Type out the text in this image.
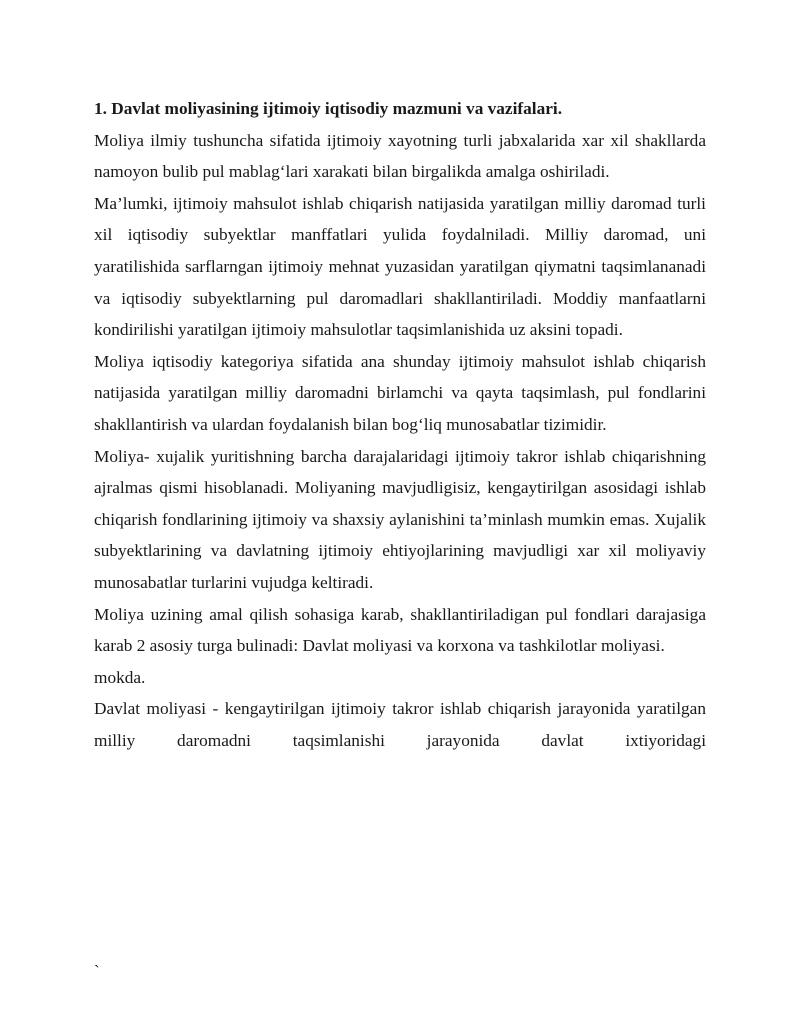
1. Davlat moliyasining ijtimoiy iqtisodiy mazmuni va vazifalari.

Moliya ilmiy tushuncha sifatida ijtimoiy xayotning turli jabxalarida xar xil shakllarda namoyon bulib pul mablag‘lari xarakati bilan birgalikda amalga oshiriladi.

Ma’lumki, ijtimoiy mahsulot ishlab chiqarish natijasida yaratilgan milliy daromad turli xil iqtisodiy subyektlar manffatlari yulida foydalniladi. Milliy daromad, uni yaratilishida sarflarngan ijtimoiy mehnat yuzasidan yaratilgan qiymatni taqsimlananadi va iqtisodiy subyektlarning pul daromadlari shakllantiriladi. Moddiy manfaatlarni kondirilishi yaratilgan ijtimoiy mahsulotlar taqsimlanishida uz aksini topadi.

Moliya iqtisodiy kategoriya sifatida ana shunday ijtimoiy mahsulot ishlab chiqarish natijasida yaratilgan milliy daromadni birlamchi va qayta taqsimlash, pul fondlarini shakllantirish va ulardan foydalanish bilan bog‘liq munosabatlar tizimidir.

Moliya- xujalik yuritishning barcha darajalaridagi ijtimoiy takror ishlab chiqarishning ajralmas qismi hisoblanadi. Moliyaning mavjudligisiz, kengaytirilgan asosidagi ishlab chiqarish fondlarining ijtimoiy va shaxsiy aylanishini ta’minlash mumkin emas. Xujalik subyektlarining va davlatning ijtimoiy ehtiyojlarining mavjudligi xar xil moliyaviy munosabatlar turlarini vujudga keltiradi.

Moliya uzining amal qilish sohasiga karab, shakllantiriladigan pul fondlari darajasiga karab 2 asosiy turga bulinadi: Davlat moliyasi va korxona va tashkilotlar moliyasi.

mokda.

Davlat moliyasi - kengaytirilgan ijtimoiy takror ishlab chiqarish jarayonida yaratilgan milliy daromadni taqsimlanishi jarayonida davlat ixtiyoridagi

`
